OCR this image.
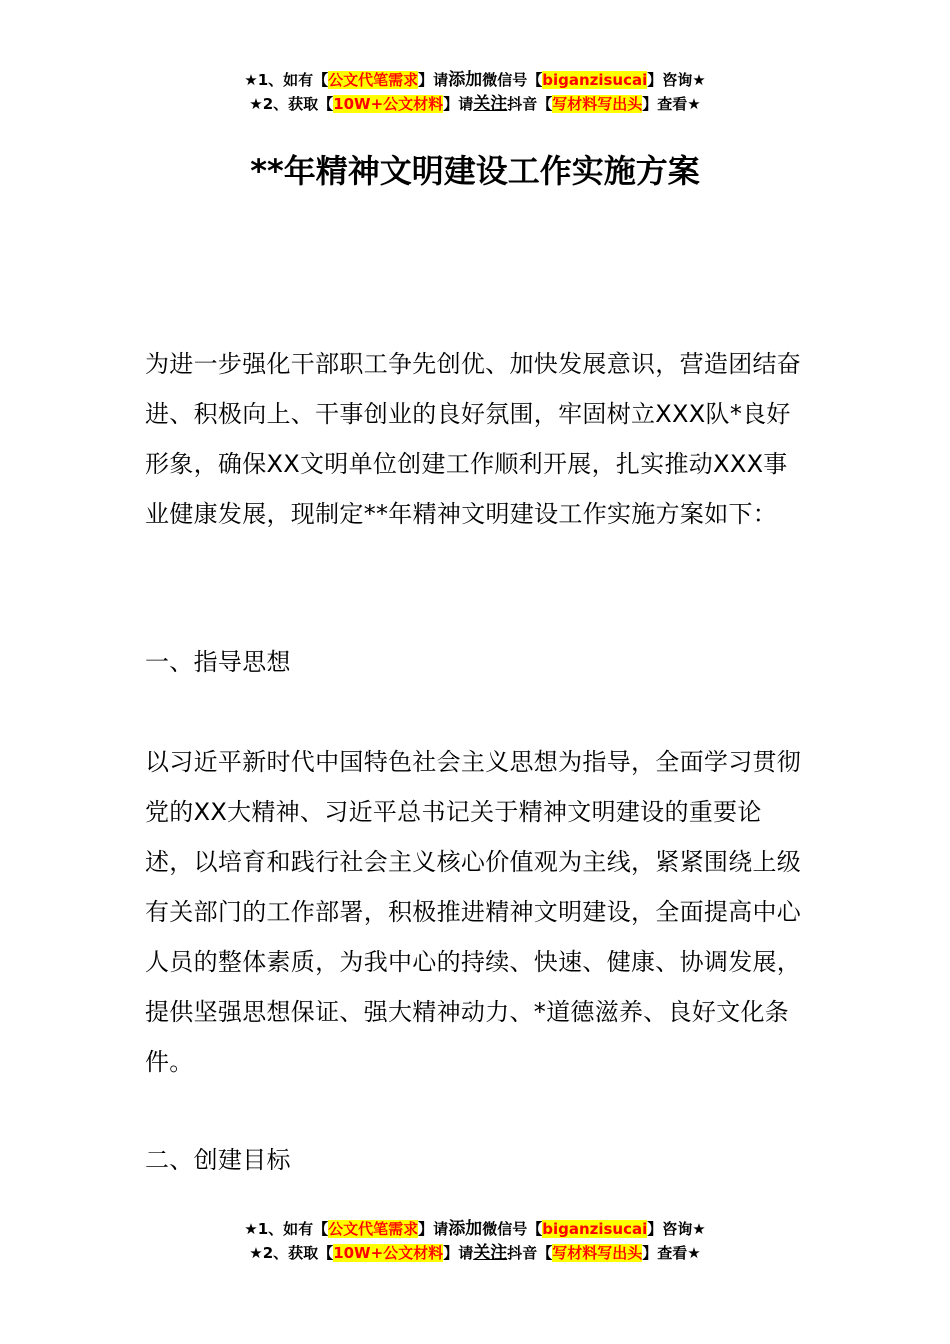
★1、如有【公文代笔需求】请添加微信号【biganzisucai】咨询★
★2、获取【10W+公文材料】请关注抖音【写材料写出头】查看★
**年精神文明建设工作实施方案

为进一步强化干部职工争先创优、加快发展意识，营造团结奋进、积极向上、干事创业的良好氛围，牢固树立XXX队*良好形象，确保XX文明单位创建工作顺利开展，扎实推动XXX事业健康发展，现制定**年精神文明建设工作实施方案如下：

一、指导思想

以习近平新时代中国特色社会主义思想为指导，全面学习贯彻党的XX大精神、习近平总书记关于精神文明建设的重要论述，以培育和践行社会主义核心价值观为主线，紧紧围绕上级有关部门的工作部署，积极推进精神文明建设，全面提高中心人员的整体素质，为我中心的持续、快速、健康、协调发展，提供坚强思想保证、强大精神动力、*道德滋养、良好文化条件。

二、创建目标

★1、如有【公文代笔需求】请添加微信号【biganzisucai】咨询★
★2、获取【10W+公文材料】请关注抖音【写材料写出头】查看★
